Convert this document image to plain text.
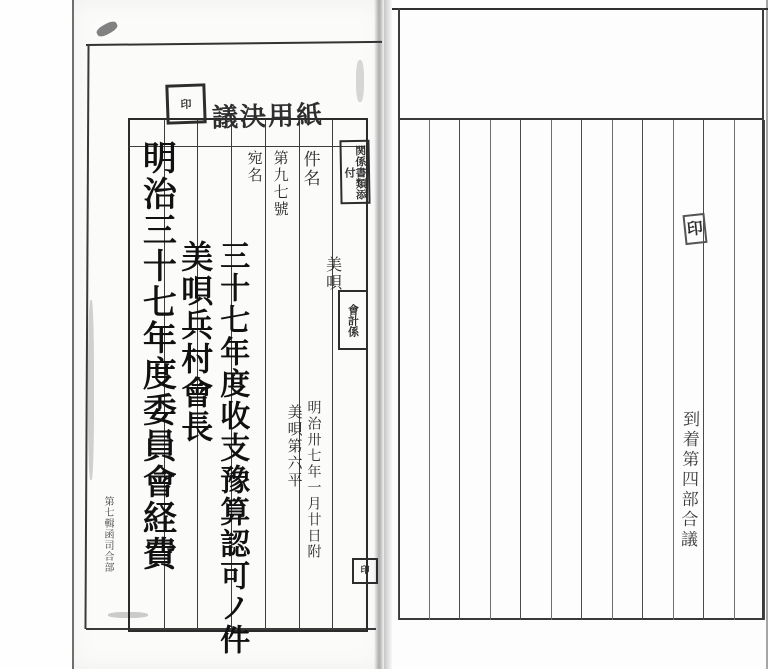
印
関係書類添付
會計係
印
印
議決用紙
件名
第九七號
宛名
美唄
明治卅七年一月廿日附
美唄第六平
三十七年度收支豫算認可ノ件
美唄兵村會長
明治三十七年度委員會経費	到着第四部合議
第七輯函司合部
